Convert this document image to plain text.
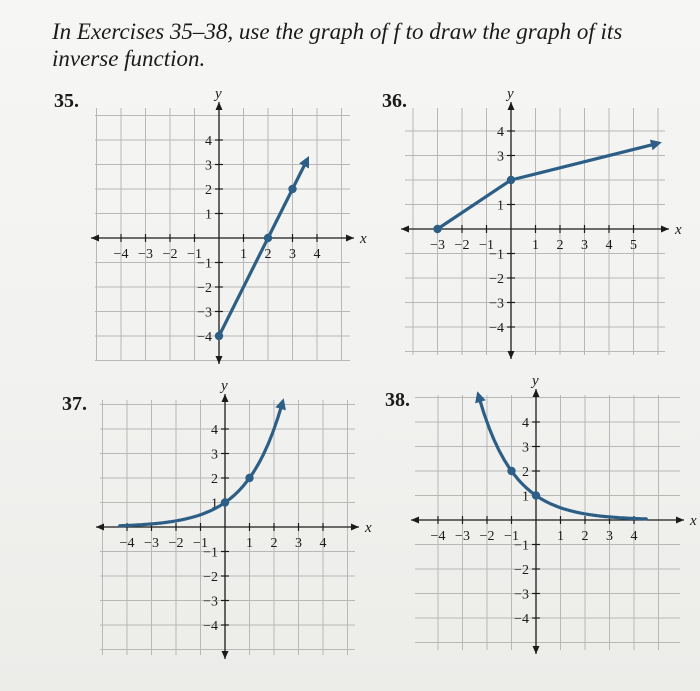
In Exercises 35–38, use the graph of f to draw the graph of its
inverse function.
35.	36.
37.	38.
x
y
−4 −3 −2 −1	1 2 3 4
4
3
2
1
−1
−2
−3
−4
x
y
−3 −2 −1	1 2 3 4 5
4
3
1
−1
−2
−3
−4
x
y
−4 −3 −2 −1	1 2 3 4
4
3
2
1
−1
−2
−3
−4
x
y
−4 −3 −2 −1	1 2 3 4
4
3
2
1
−1
−2
−3
−4
